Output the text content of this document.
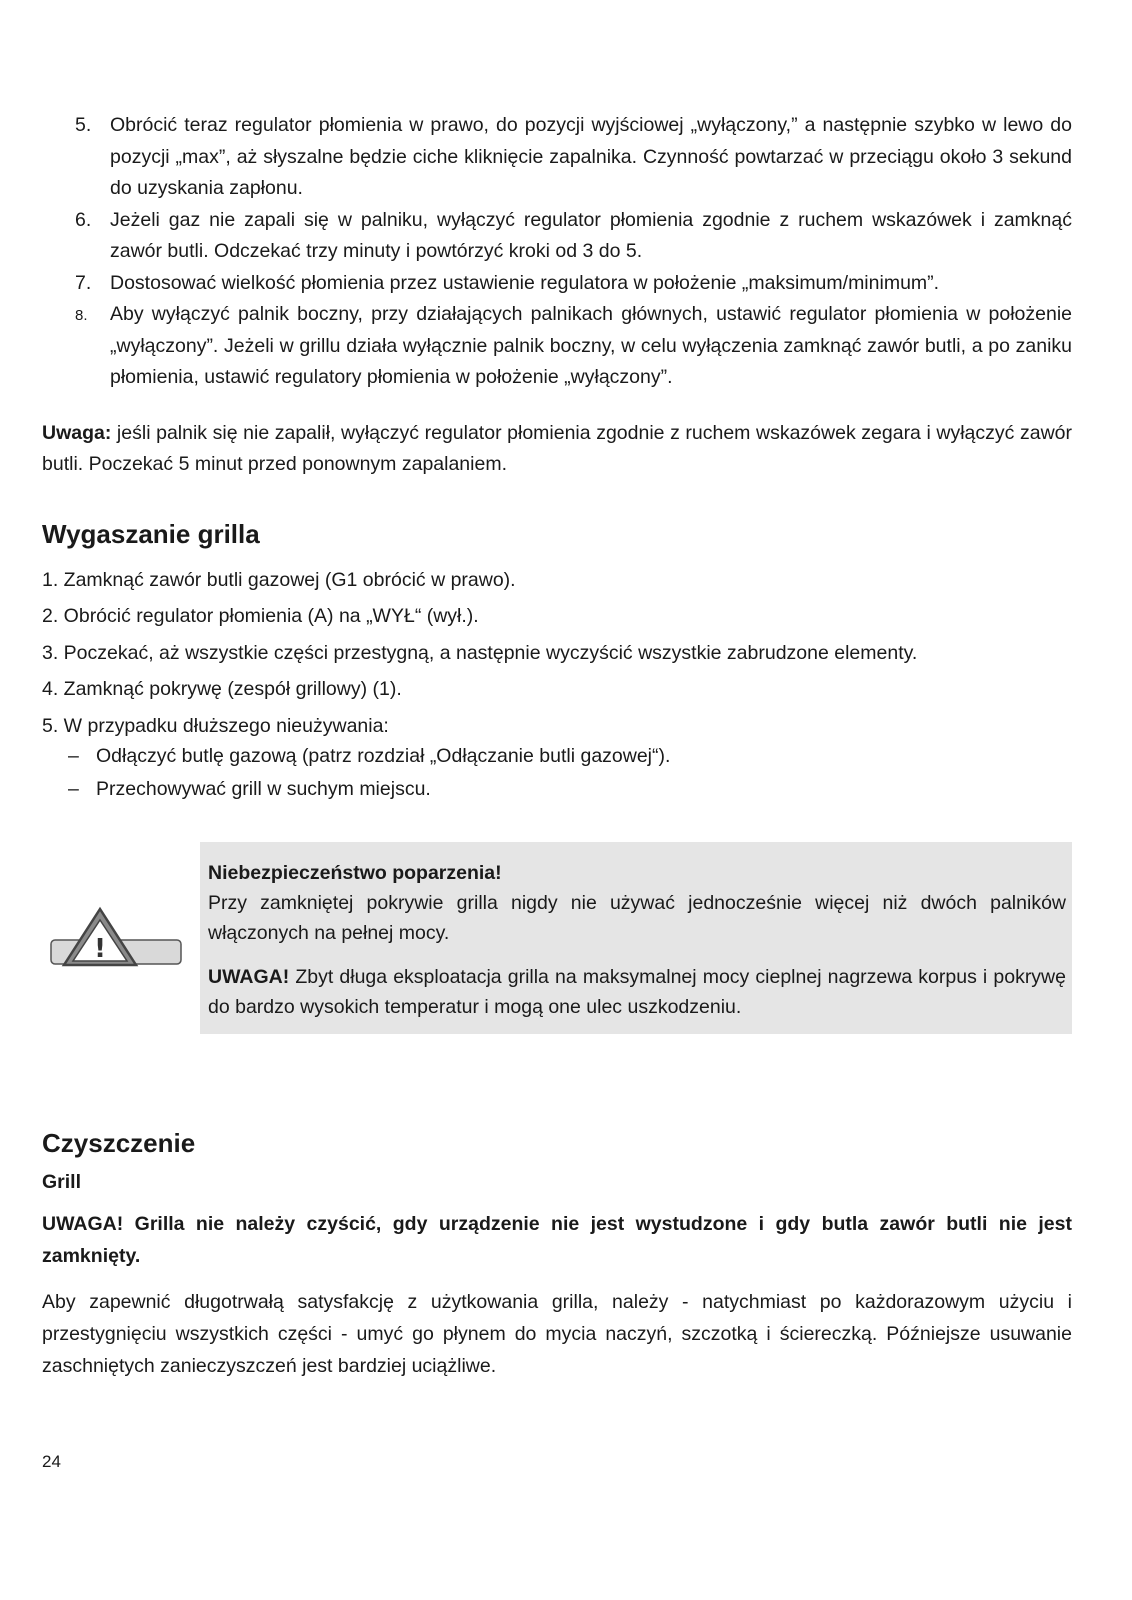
5. Obrócić teraz regulator płomienia w prawo, do pozycji wyjściowej „wyłączony,” a następnie szybko w lewo do pozycji „max”, aż słyszalne będzie ciche kliknięcie zapalnika. Czynność powtarzać w przeciągu około 3 sekund do uzyskania zapłonu.
6. Jeżeli gaz nie zapali się w palniku, wyłączyć regulator płomienia zgodnie z ruchem wskazówek i zamknąć zawór butli. Odczekać trzy minuty i powtórzyć kroki od 3 do 5.
7. Dostosować wielkość płomienia przez ustawienie regulatora w położenie „maksimum/minimum”.
8. Aby wyłączyć palnik boczny, przy działających palnikach głównych, ustawić regulator płomienia w położenie „wyłączony”. Jeżeli w grillu działa wyłącznie palnik boczny, w celu wyłączenia zamknąć zawór butli, a po zaniku płomienia, ustawić regulatory płomienia w położenie „wyłączony”.

Uwaga: jeśli palnik się nie zapalił, wyłączyć regulator płomienia zgodnie z ruchem wskazówek zegara i wyłączyć zawór butli. Poczekać 5 minut przed ponownym zapalaniem.

Wygaszanie grilla
1. Zamknąć zawór butli gazowej (G1 obrócić w prawo).
2. Obrócić regulator płomienia (A) na „WYŁ“ (wył.).
3. Poczekać, aż wszystkie części przestygną, a następnie wyczyścić wszystkie zabrudzone elementy.
4. Zamknąć pokrywę (zespół grillowy) (1).
5. W przypadku dłuższego nieużywania:
– Odłączyć butlę gazową (patrz rozdział „Odłączanie butli gazowej“).
– Przechowywać grill w suchym miejscu.
!

Niebezpieczeństwo poparzenia!

Przy zamkniętej pokrywie grilla nigdy nie używać jednocześnie więcej niż dwóch palników włączonych na pełnej mocy.

UWAGA! Zbyt długa eksploatacja grilla na maksymalnej mocy cieplnej nagrzewa korpus i pokrywę do bardzo wysokich temperatur i mogą one ulec uszkodzeniu.

Czyszczenie
Grill

UWAGA! Grilla nie należy czyścić, gdy urządzenie nie jest wystudzone i gdy butla zawór butli nie jest zamknięty.

Aby zapewnić długotrwałą satysfakcję z użytkowania grilla, należy - natychmiast po każdorazowym użyciu i przestygnięciu wszystkich części - umyć go płynem do mycia naczyń, szczotką i ściereczką. Późniejsze usuwanie zaschniętych zanieczyszczeń jest bardziej uciążliwe.

24
